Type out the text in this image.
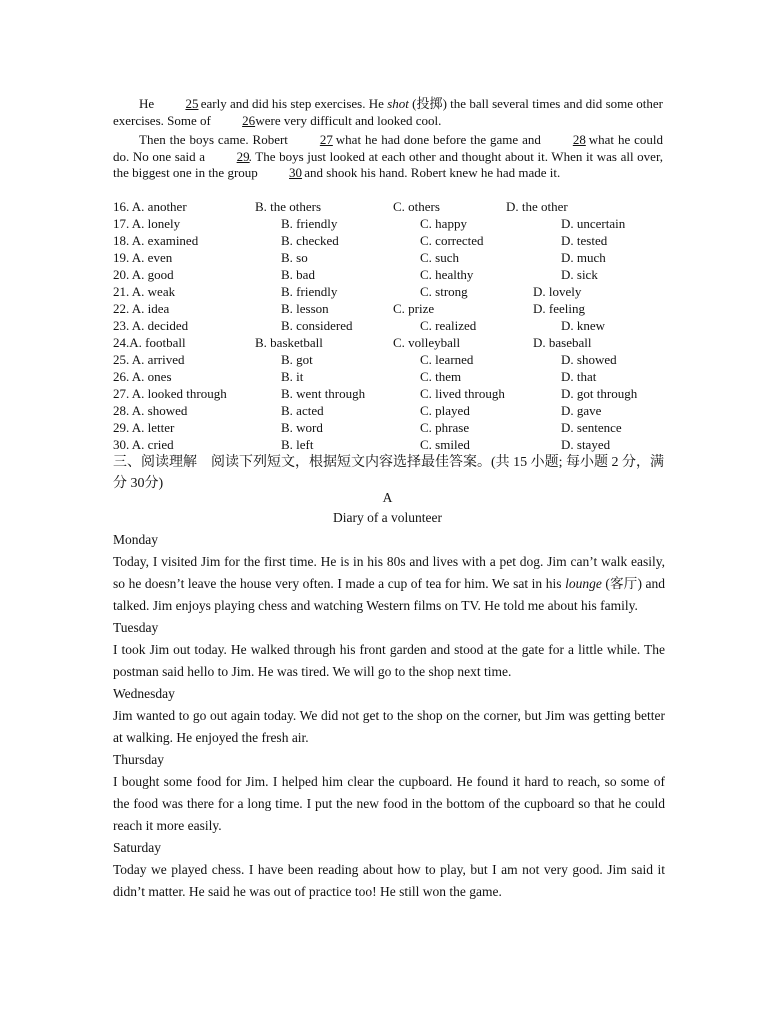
He 25 early and did his step exercises. He shot (投掷) the ball several times and did some other exercises. Some of 26 were very difficult and looked cool.
Then the boys came. Robert 27 what he had done before the game and 28 what he could do. No one said a 29. The boys just looked at each other and thought about it. When it was all over, the biggest one in the group 30 and shook his hand. Robert knew he had made it.
16. A. another	B. the others	C. others	D. the other
17. A. lonely	B. friendly	C. happy	D. uncertain
18. A. examined	B. checked	C. corrected	D. tested
19. A. even	B. so	C. such	D. much
20. A. good	B. bad	C. healthy	D. sick
21. A. weak	B. friendly	C. strong	D. lovely
22. A. idea	B. lesson	C. prize	D. feeling
23. A. decided	B. considered	C. realized	D. knew
24.A. football	B. basketball	C. volleyball	D. baseball
25. A. arrived	B. got	C. learned	D. showed
26. A. ones	B. it	C. them	D. that
27. A. looked through	B. went through	C. lived through	D. got through
28. A. showed	B. acted	C. played	D. gave
29. A. letter	B. word	C. phrase	D. sentence
30. A. cried	B. left	C. smiled	D. stayed
三、阅读理解　阅读下列短文，根据短文内容选择最佳答案。(共 15 小题; 每小题 2 分，满分 30分)
A
Diary of a volunteer

Monday

Today, I visited Jim for the first time. He is in his 80s and lives with a pet dog. Jim can’t walk easily, so he doesn’t leave the house very often. I made a cup of tea for him. We sat in his lounge (客厅) and talked. Jim enjoys playing chess and watching Western films on TV. He told me about his family.

Tuesday

I took Jim out today. He walked through his front garden and stood at the gate for a little while. The postman said hello to Jim. He was tired. We will go to the shop next time.

Wednesday

Jim wanted to go out again today. We did not get to the shop on the corner, but Jim was getting better at walking. He enjoyed the fresh air.

Thursday

I bought some food for Jim. I helped him clear the cupboard. He found it hard to reach, so some of the food was there for a long time. I put the new food in the bottom of the cupboard so that he could reach it more easily.

Saturday

Today we played chess. I have been reading about how to play, but I am not very good. Jim said it didn’t matter. He said he was out of practice too! He still won the game.
